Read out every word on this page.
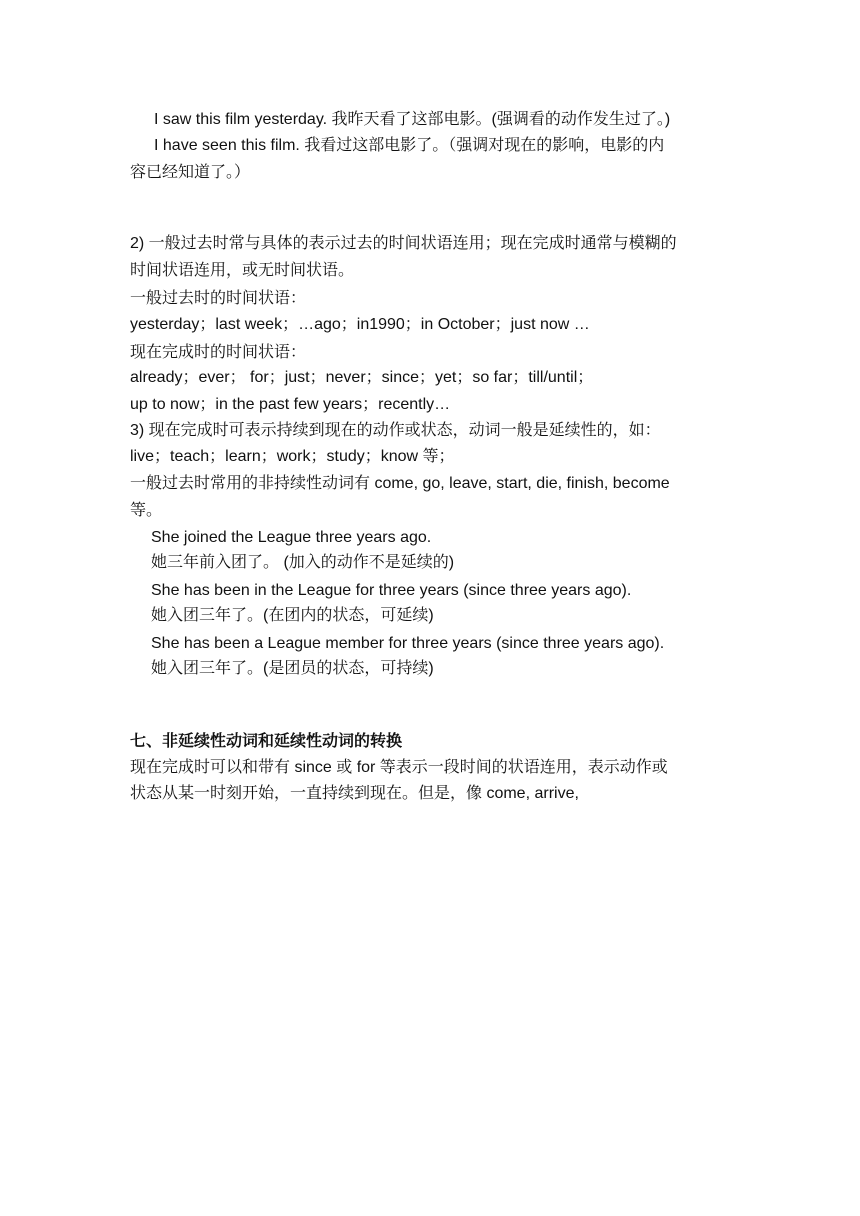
I saw this film yesterday. 我昨天看了这部电影。(强调看的动作发生过了。)
I have seen this film. 我看过这部电影了。（强调对现在的影响，电影的内
容已经知道了。）
2) 一般过去时常与具体的表示过去的时间状语连用；现在完成时通常与模糊的
时间状语连用，或无时间状语。
一般过去时的时间状语：
yesterday；last week；…ago；in1990；in October；just now …
现在完成时的时间状语：
already；ever； for；just；never；since；yet；so far；till/until；
up to now；in the past few years；recently…
3) 现在完成时可表示持续到现在的动作或状态，动词一般是延续性的，如：
live；teach；learn；work；study；know 等；
一般过去时常用的非持续性动词有 come, go, leave, start, die, finish, become
等。
She joined the League three years ago.
她三年前入团了。 (加入的动作不是延续的)
She has been in the League for three years (since three years ago).
她入团三年了。(在团内的状态，可延续)
She has been a League member for three years (since three years ago).
她入团三年了。(是团员的状态，可持续)
七、非延续性动词和延续性动词的转换
现在完成时可以和带有 since 或 for 等表示一段时间的状语连用，表示动作或
状态从某一时刻开始，一直持续到现在。但是，像 come, arrive,
